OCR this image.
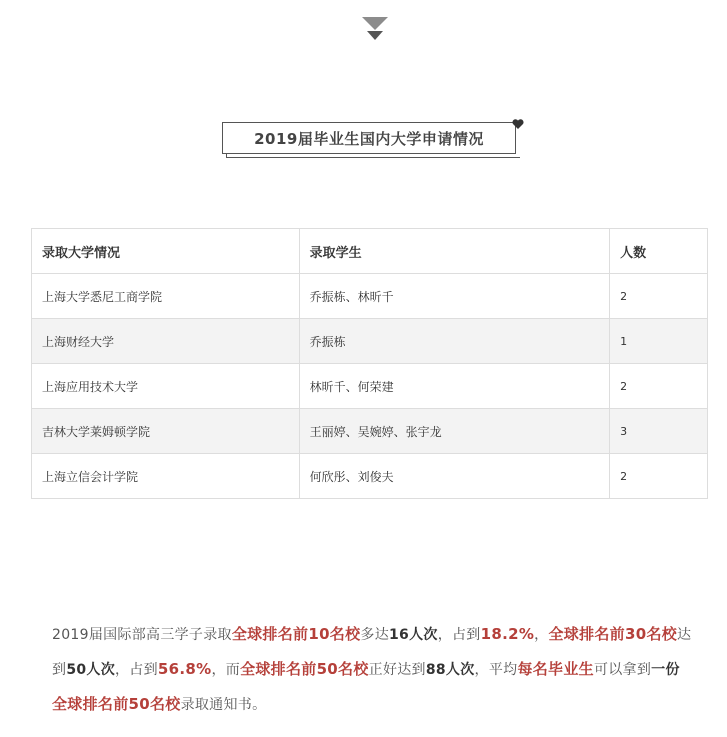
2019届毕业生国内大学申请情况
录取大学情况	录取学生	人数
上海大学悉尼工商学院	乔振栋、林昕千	2
上海财经大学	乔振栋	1
上海应用技术大学	林昕千、何荣建	2
吉林大学莱姆顿学院	王丽婷、吴婉婷、张宇龙	3
上海立信会计学院	何欣彤、刘俊夫	2

2019届国际部高三学子录取全球排名前10名校多达16人次，占到18.2%，全球排名前30名校达到50人次，占到56.8%，而全球排名前50名校正好达到88人次，平均每名毕业生可以拿到一份全球排名前50名校录取通知书。
